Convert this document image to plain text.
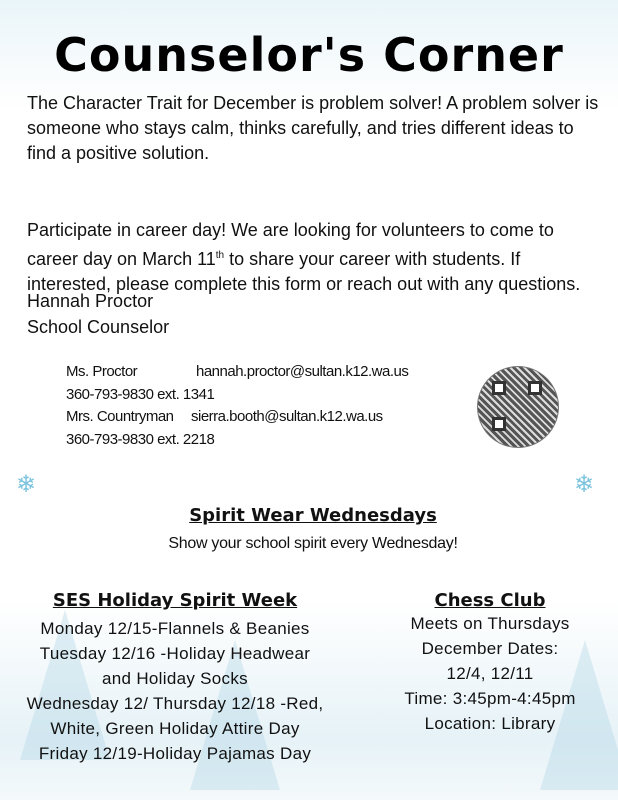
Counselor's Corner
The Character Trait for December is problem solver! A problem solver is someone who stays calm, thinks carefully, and tries different ideas to find a positive solution.
Participate in career day! We are looking for volunteers to come to career day on March 11th to share your career with students. If interested, please complete this form or reach out with any questions.
Hannah Proctor
School Counselor
Ms. Proctor	hannah.proctor@sultan.k12.wa.us
360-793-9830 ext. 1341
Mrs. Countryman sierra.booth@sultan.k12.wa.us
360-793-9830 ext. 2218
❄	❄
Spirit Wear Wednesdays
Show your school spirit every Wednesday!
SES Holiday Spirit Week
Monday 12/15-Flannels & Beanies
Tuesday 12/16 -Holiday Headwear
and Holiday Socks
Wednesday 12/ Thursday 12/18 -Red,
White, Green Holiday Attire Day
Friday 12/19-Holiday Pajamas Day
Chess Club
Meets on Thursdays
December Dates:
12/4, 12/11
Time: 3:45pm-4:45pm
Location: Library
